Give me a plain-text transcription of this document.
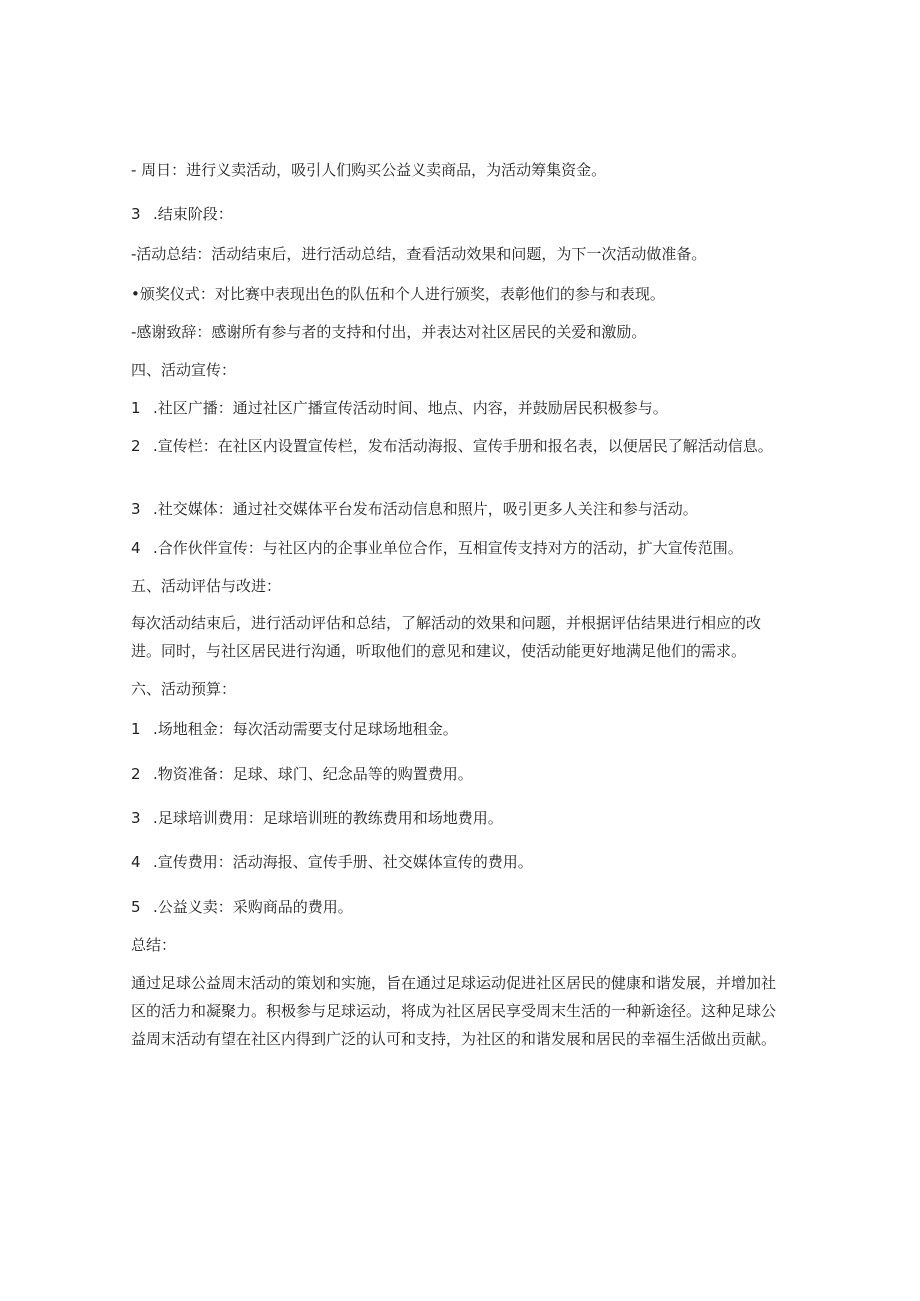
- 周日：进行义卖活动，吸引人们购买公益义卖商品，为活动筹集资金。
3 .结束阶段：
-活动总结：活动结束后，进行活动总结，查看活动效果和问题，为下一次活动做准备。
•颁奖仪式：对比赛中表现出色的队伍和个人进行颁奖，表彰他们的参与和表现。
-感谢致辞：感谢所有参与者的支持和付出，并表达对社区居民的关爱和激励。
四、活动宣传：
1 .社区广播：通过社区广播宣传活动时间、地点、内容，并鼓励居民积极参与。
2 .宣传栏：在社区内设置宣传栏，发布活动海报、宣传手册和报名表，以便居民了解活动信息。
3 .社交媒体：通过社交媒体平台发布活动信息和照片，吸引更多人关注和参与活动。
4 .合作伙伴宣传：与社区内的企事业单位合作，互相宣传支持对方的活动，扩大宣传范围。
五、活动评估与改进：
每次活动结束后，进行活动评估和总结，了解活动的效果和问题，并根据评估结果进行相应的改进。同时，与社区居民进行沟通，听取他们的意见和建议，使活动能更好地满足他们的需求。
六、活动预算：
1 .场地租金：每次活动需要支付足球场地租金。
2 .物资准备：足球、球门、纪念品等的购置费用。
3 .足球培训费用：足球培训班的教练费用和场地费用。
4 .宣传费用：活动海报、宣传手册、社交媒体宣传的费用。
5 .公益义卖：采购商品的费用。
总结：
通过足球公益周末活动的策划和实施，旨在通过足球运动促进社区居民的健康和谐发展，并增加社区的活力和凝聚力。积极参与足球运动，将成为社区居民享受周末生活的一种新途径。这种足球公益周末活动有望在社区内得到广泛的认可和支持，为社区的和谐发展和居民的幸福生活做出贡献。
